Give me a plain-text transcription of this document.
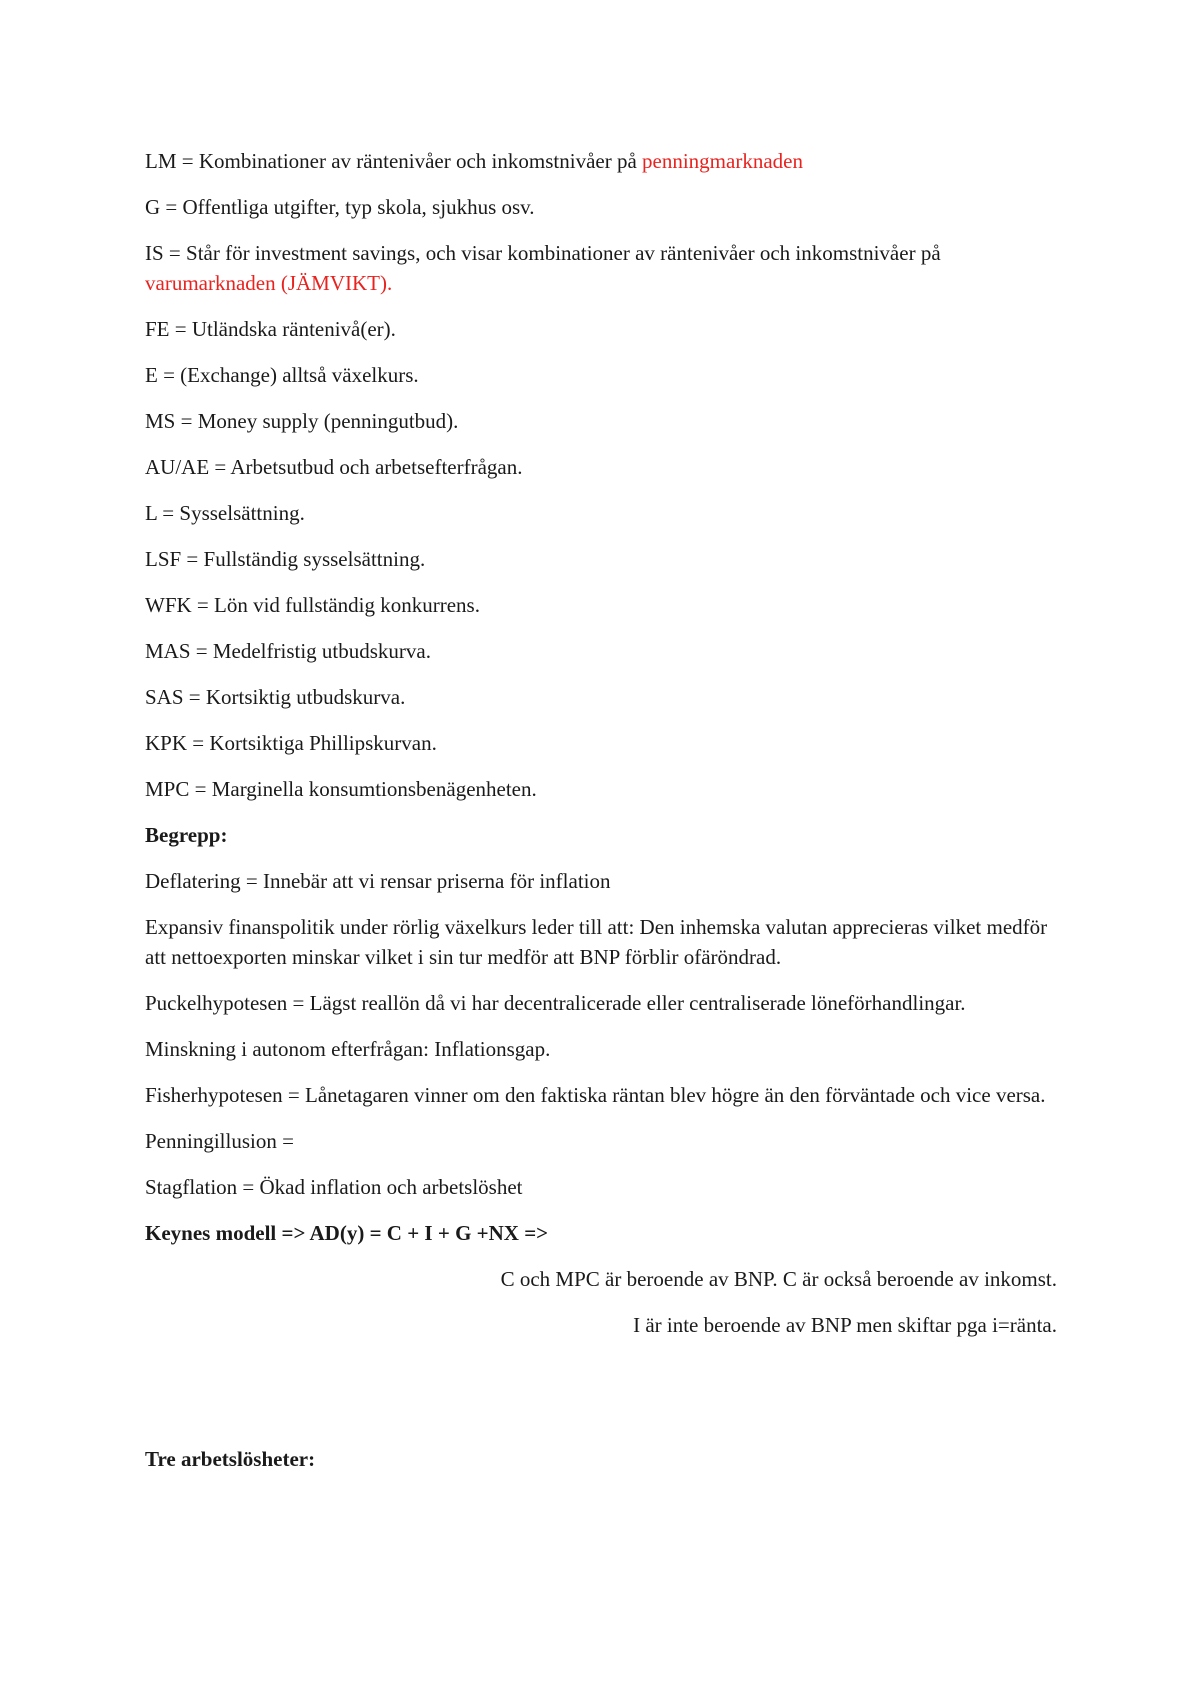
LM = Kombinationer av räntenivåer och inkomstnivåer på penningmarknaden
G = Offentliga utgifter, typ skola, sjukhus osv.
IS = Står för investment savings, och visar kombinationer av räntenivåer och inkomstnivåer på varumarknaden (JÄMVIKT).
FE = Utländska räntenivå(er).
E = (Exchange) alltså växelkurs.
MS = Money supply (penningutbud).
AU/AE = Arbetsutbud och arbetsefterfrågan.
L = Sysselsättning.
LSF = Fullständig sysselsättning.
WFK = Lön vid fullständig konkurrens.
MAS = Medelfristig utbudskurva.
SAS = Kortsiktig utbudskurva.
KPK = Kortsiktiga Phillipskurvan.
MPC = Marginella konsumtionsbenägenheten.
Begrepp:
Deflatering = Innebär att vi rensar priserna för inflation
Expansiv finanspolitik under rörlig växelkurs leder till att: Den inhemska valutan apprecieras vilket medför att nettoexporten minskar vilket i sin tur medför att BNP förblir ofäröndrad.
Puckelhypotesen = Lägst reallön då vi har decentralicerade eller centraliserade löneförhandlingar.
Minskning i autonom efterfrågan: Inflationsgap.
Fisherhypotesen = Lånetagaren vinner om den faktiska räntan blev högre än den förväntade och vice versa.
Penningillusion =
Stagflation = Ökad inflation och arbetslöshet
Keynes modell => AD(y) = C + I + G +NX =>
C och MPC är beroende av BNP. C är också beroende av inkomst.
I är inte beroende av BNP men skiftar pga i=ränta.
Tre arbetslösheter:
